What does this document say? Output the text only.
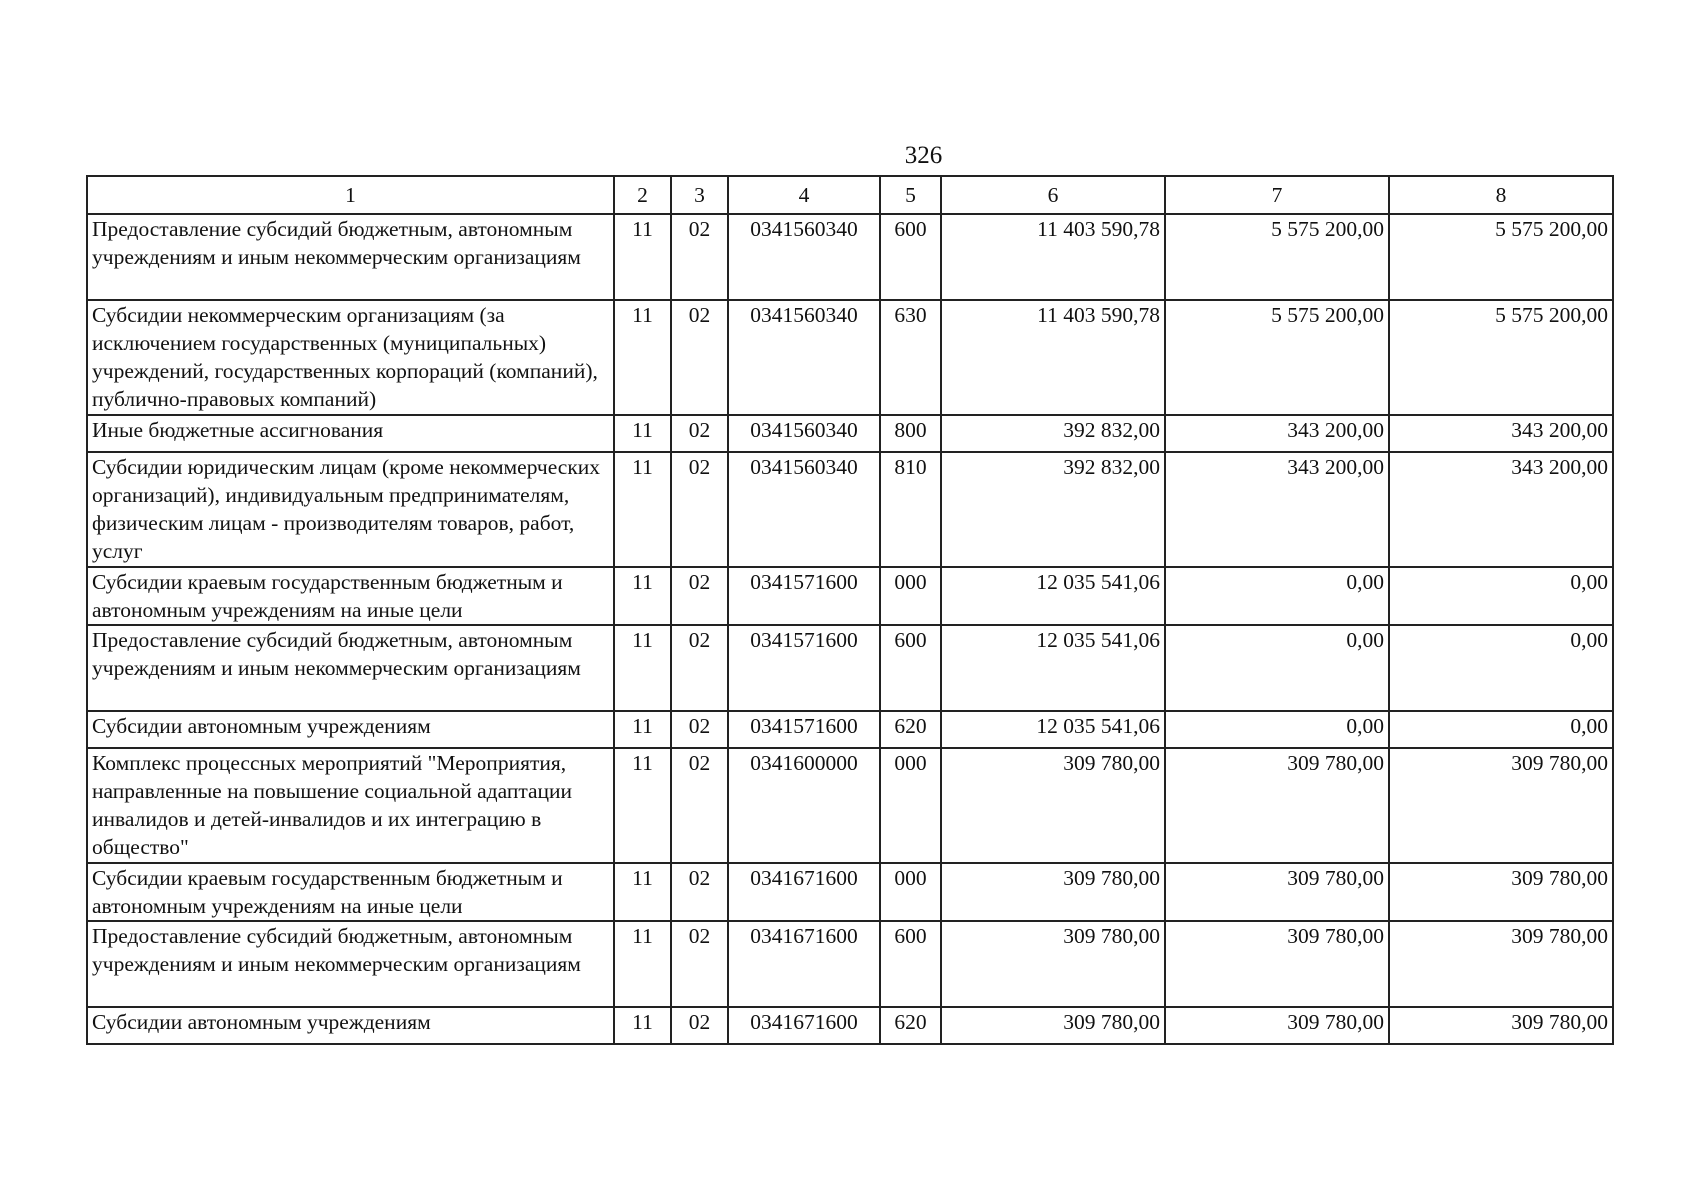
326
1	2	3	4	5	6	7	8
Предоставление субсидий бюджетным, автономным учреждениям и иным некоммерческим организациям	11	02	0341560340	600	11 403 590,78	5 575 200,00	5 575 200,00
Субсидии некоммерческим организациям (за исключением государственных (муниципальных) учреждений, государственных корпораций (компаний), публично-правовых компаний)	11	02	0341560340	630	11 403 590,78	5 575 200,00	5 575 200,00
Иные бюджетные ассигнования	11	02	0341560340	800	392 832,00	343 200,00	343 200,00
Субсидии юридическим лицам (кроме некоммерческих организаций), индивидуальным предпринимателям, физическим лицам - производителям товаров, работ, услуг	11	02	0341560340	810	392 832,00	343 200,00	343 200,00
Субсидии краевым государственным бюджетным и автономным учреждениям на иные цели	11	02	0341571600	000	12 035 541,06	0,00	0,00
Предоставление субсидий бюджетным, автономным учреждениям и иным некоммерческим организациям	11	02	0341571600	600	12 035 541,06	0,00	0,00
Субсидии автономным учреждениям	11	02	0341571600	620	12 035 541,06	0,00	0,00
Комплекс процессных мероприятий "Мероприятия, направленные на повышение социальной адаптации инвалидов и детей-инвалидов и их интеграцию в общество"	11	02	0341600000	000	309 780,00	309 780,00	309 780,00
Субсидии краевым государственным бюджетным и автономным учреждениям на иные цели	11	02	0341671600	000	309 780,00	309 780,00	309 780,00
Предоставление субсидий бюджетным, автономным учреждениям и иным некоммерческим организациям	11	02	0341671600	600	309 780,00	309 780,00	309 780,00
Субсидии автономным учреждениям	11	02	0341671600	620	309 780,00	309 780,00	309 780,00
